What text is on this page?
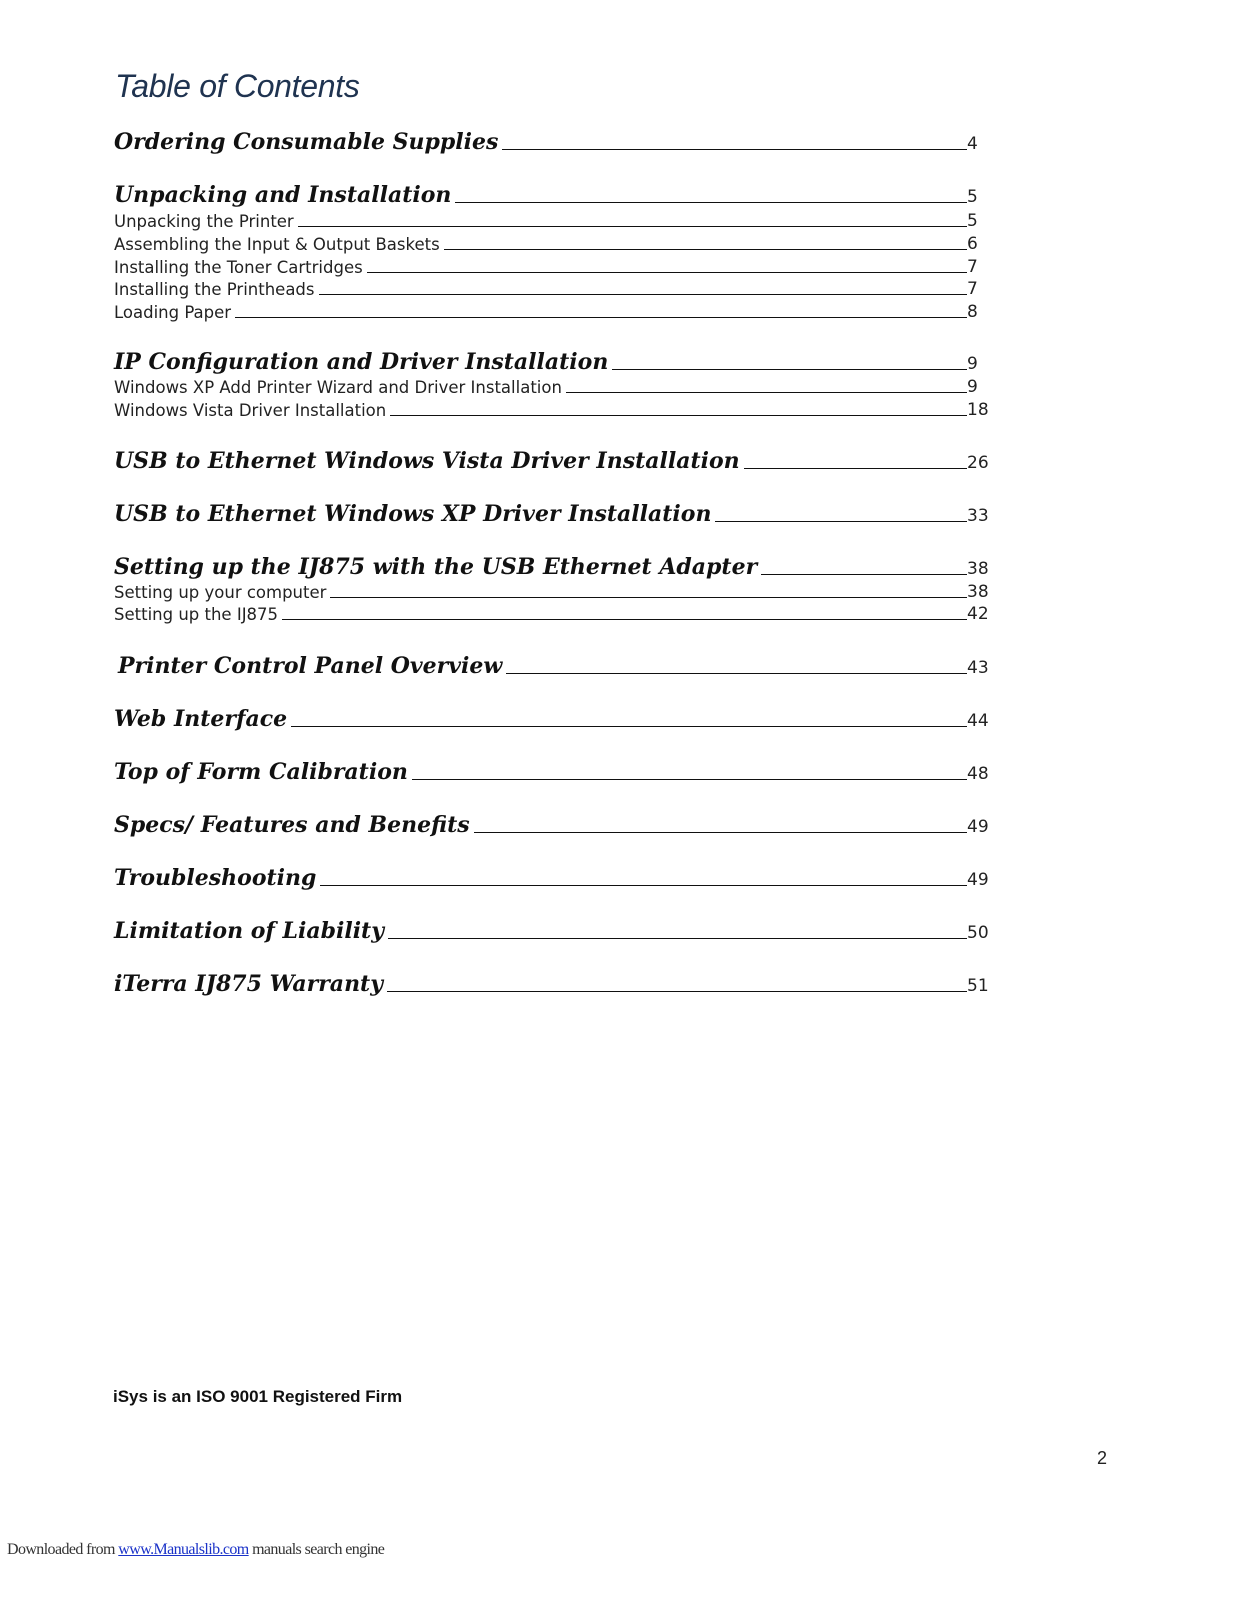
Table of Contents
Ordering Consumable Supplies	4
Unpacking and Installation	5
Unpacking the Printer	5
Assembling the Input & Output Baskets	6
Installing the Toner Cartridges	7
Installing the Printheads	7
Loading Paper	8
IP Configuration and Driver Installation	9
Windows XP Add Printer Wizard and Driver Installation	9
Windows Vista Driver Installation	18
USB to Ethernet Windows Vista Driver Installation	26
USB to Ethernet Windows XP Driver Installation	33
Setting up the IJ875 with the USB Ethernet Adapter	38
Setting up your computer	38
Setting up the IJ875	42
Printer Control Panel Overview	43
Web Interface	44
Top of Form Calibration	48
Specs/ Features and Benefits	49
Troubleshooting	49
Limitation of Liability	50
iTerra IJ875 Warranty	51

iSys is an ISO 9001 Registered Firm

2
Downloaded from www.Manualslib.com manuals search engine
